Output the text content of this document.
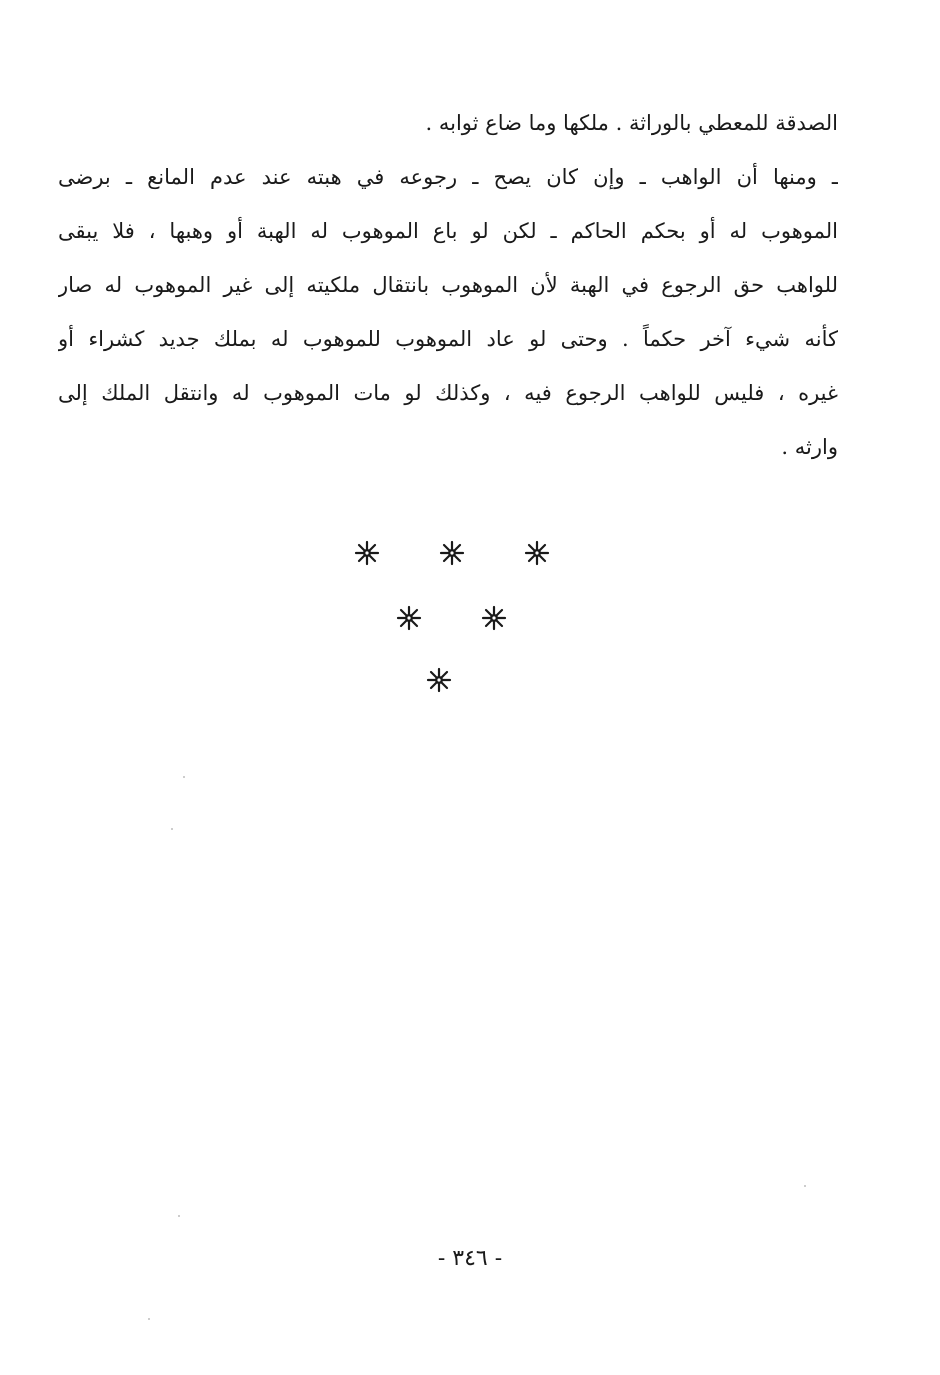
الصدقة للمعطي بالوراثة . ملكها وما ضاع ثوابه .
ـ ومنها أن الواهب ـ وإن كان يصح ـ رجوعه في هبته عند عدم المانع ـ برضى
الموهوب له أو بحكم الحاكم ـ لكن لو باع الموهوب له الهبة أو وهبها ، فلا يبقى
للواهب حق الرجوع في الهبة لأن الموهوب بانتقال ملكيته إلى غير الموهوب له صار
كأنه شيء آخر حكماً . وحتى لو عاد الموهوب للموهوب له بملك جديد كشراء أو
غيره ، فليس للواهب الرجوع فيه ، وكذلك لو مات الموهوب له وانتقل الملك إلى
وارثه .
- ٣٤٦ -
